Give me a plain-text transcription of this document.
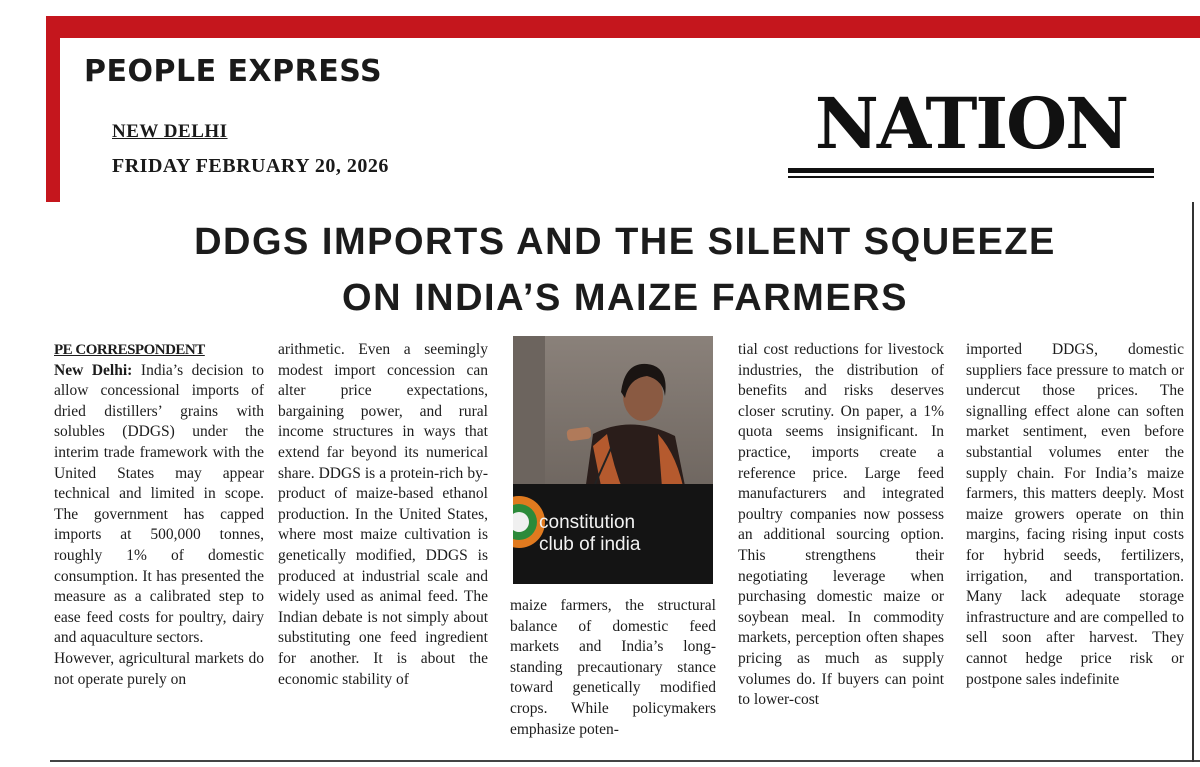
PEOPLE EXPRESS
NEW DELHI
FRIDAY FEBRUARY 20, 2026
NATION
DDGS IMPORTS AND THE SILENT SQUEEZE
ON INDIA’S MAIZE FARMERS

PE CORRESPONDENT

New Delhi: India’s decision to allow concessional imports of dried distillers’ grains with solubles (DDGS) under the interim trade framework with the United States may appear technical and limited in scope. The government has capped imports at 500,000 tonnes, roughly 1% of domestic consumption. It has presented the measure as a calibrated step to ease feed costs for poultry, dairy and aquaculture sectors.

However, agricultural markets do not operate purely on

arithmetic. Even a seemingly modest import concession can alter price expectations, bargaining power, and rural income structures in ways that extend far beyond its numerical share. DDGS is a protein-rich by-product of maize-based ethanol production. In the United States, where most maize cultivation is genetically modified, DDGS is produced at industrial scale and widely used as animal feed. The Indian debate is not simply about substituting one feed ingredient for another. It is about the economic stability of

constitution
club of india

maize farmers, the structural balance of domestic feed markets and India’s long-standing precautionary stance toward genetically modified crops. While policymakers emphasize poten-

tial cost reductions for livestock industries, the distribution of benefits and risks deserves closer scrutiny. On paper, a 1% quota seems insignificant. In practice, imports create a reference price. Large feed manufacturers and integrated poultry companies now possess an additional sourcing option. This strengthens their negotiating leverage when purchasing domestic maize or soybean meal. In commodity markets, perception often shapes pricing as much as supply volumes do. If buyers can point to lower-cost

imported DDGS, domestic suppliers face pressure to match or undercut those prices. The signalling effect alone can soften market sentiment, even before substantial volumes enter the supply chain. For India’s maize farmers, this matters deeply. Most maize growers operate on thin margins, facing rising input costs for hybrid seeds, fertilizers, irrigation, and transportation. Many lack adequate storage infrastructure and are compelled to sell soon after harvest. They cannot hedge price risk or postpone sales indefinite
